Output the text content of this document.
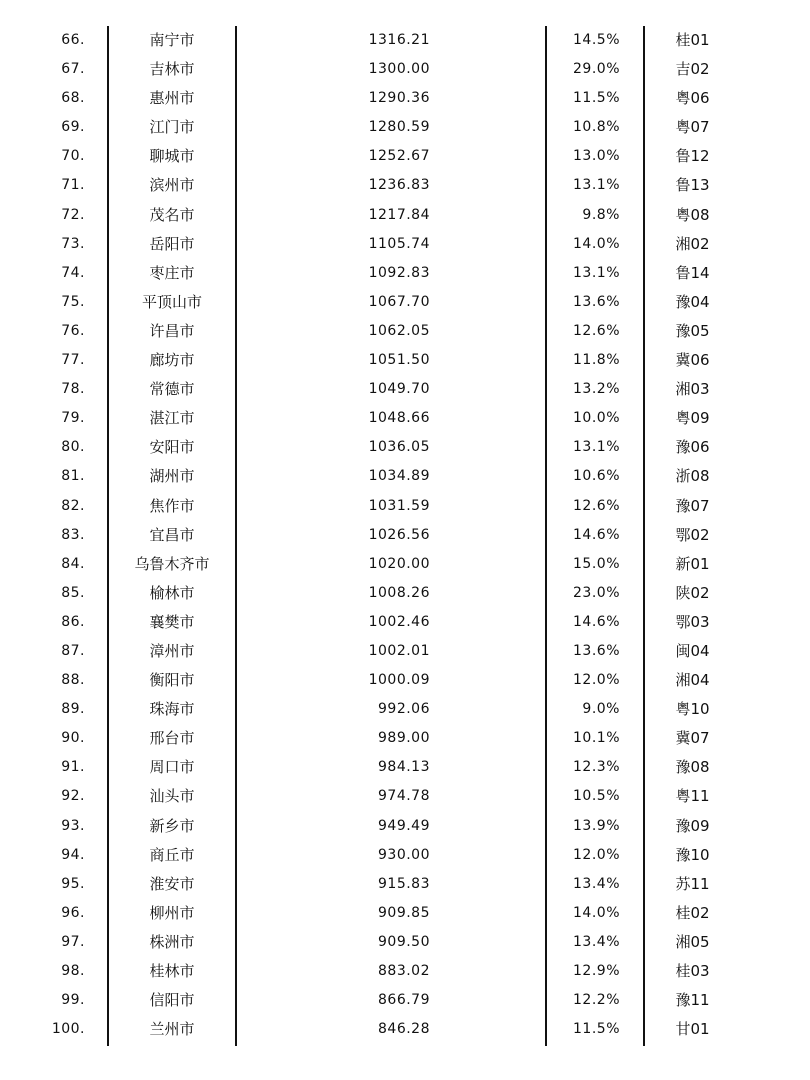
66.	南宁市	1316.21	14.5%	桂01
67.	吉林市	1300.00	29.0%	吉02
68.	惠州市	1290.36	11.5%	粤06
69.	江门市	1280.59	10.8%	粤07
70.	聊城市	1252.67	13.0%	鲁12
71.	滨州市	1236.83	13.1%	鲁13
72.	茂名市	1217.84	9.8%	粤08
73.	岳阳市	1105.74	14.0%	湘02
74.	枣庄市	1092.83	13.1%	鲁14
75.	平顶山市	1067.70	13.6%	豫04
76.	许昌市	1062.05	12.6%	豫05
77.	廊坊市	1051.50	11.8%	冀06
78.	常德市	1049.70	13.2%	湘03
79.	湛江市	1048.66	10.0%	粤09
80.	安阳市	1036.05	13.1%	豫06
81.	湖州市	1034.89	10.6%	浙08
82.	焦作市	1031.59	12.6%	豫07
83.	宜昌市	1026.56	14.6%	鄂02
84.	乌鲁木齐市	1020.00	15.0%	新01
85.	榆林市	1008.26	23.0%	陕02
86.	襄樊市	1002.46	14.6%	鄂03
87.	漳州市	1002.01	13.6%	闽04
88.	衡阳市	1000.09	12.0%	湘04
89.	珠海市	992.06	9.0%	粤10
90.	邢台市	989.00	10.1%	冀07
91.	周口市	984.13	12.3%	豫08
92.	汕头市	974.78	10.5%	粤11
93.	新乡市	949.49	13.9%	豫09
94.	商丘市	930.00	12.0%	豫10
95.	淮安市	915.83	13.4%	苏11
96.	柳州市	909.85	14.0%	桂02
97.	株洲市	909.50	13.4%	湘05
98.	桂林市	883.02	12.9%	桂03
99.	信阳市	866.79	12.2%	豫11
100.	兰州市	846.28	11.5%	甘01
